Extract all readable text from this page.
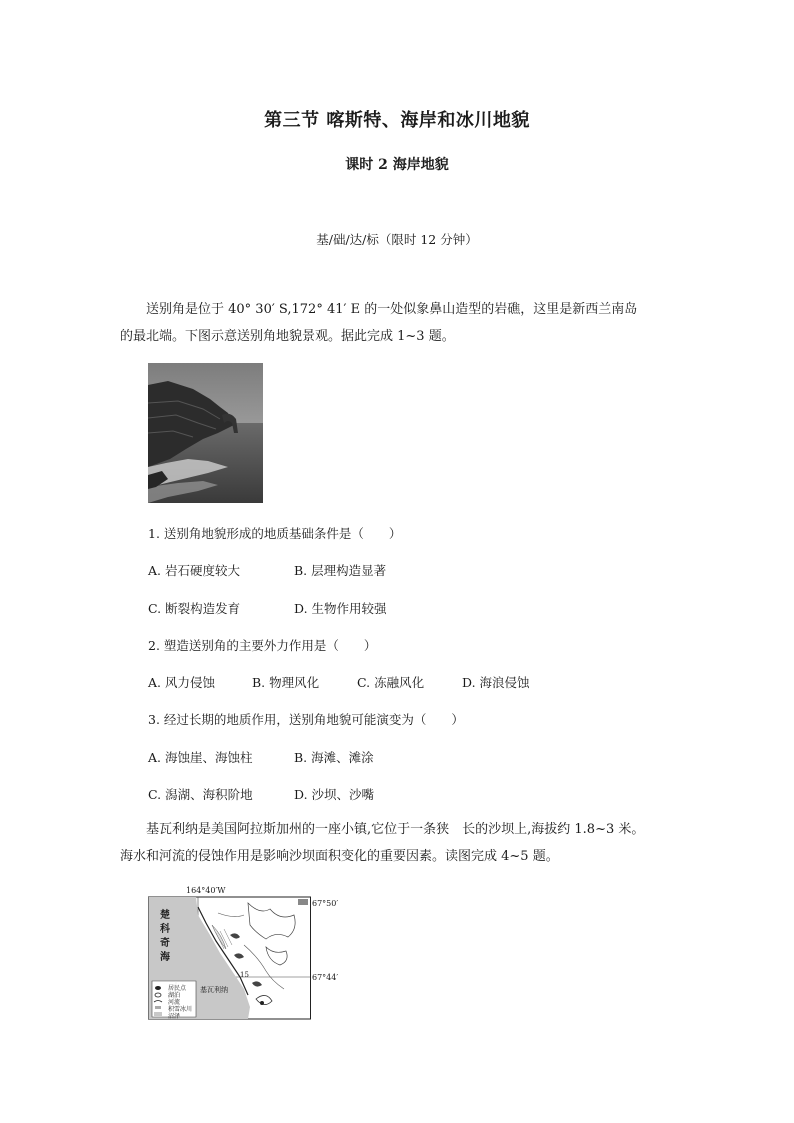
第三节 喀斯特、海岸和冰川地貌
课时 2 海岸地貌
基/础/达/标（限时 12 分钟）
送别角是位于 40° 30′ S,172° 41′ E 的一处似象鼻山造型的岩礁，这里是新西兰南岛
的最北端。下图示意送别角地貌景观。据此完成 1~3 题。
1. 送别角地貌形成的地质基础条件是（　　）
A. 岩石硬度较大	B. 层理构造显著
C. 断裂构造发育	D. 生物作用较强
2. 塑造送别角的主要外力作用是（　　）
A. 风力侵蚀	B. 物理风化	C. 冻融风化	D. 海浪侵蚀
3. 经过长期的地质作用，送别角地貌可能演变为（　　）
A. 海蚀崖、海蚀柱	B. 海滩、滩涂
C. 潟湖、海积阶地	D. 沙坝、沙嘴
基瓦利纳是美国阿拉斯加州的一座小镇,它位于一条狭　长的沙坝上,海拔约 1.8~3 米。
海水和河流的侵蚀作用是影响沙坝面积变化的重要因素。读图完成 4~5 题。
164°40′W
67°50′
67°44′
楚科奇海
基瓦利纳
15
居民点
湖泊
河流
积雪冰川
沼泽
